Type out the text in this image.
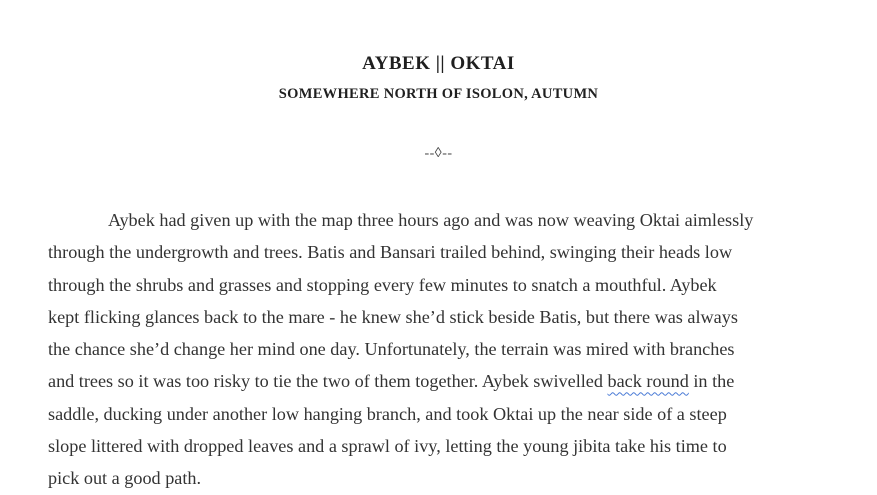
AYBEK || OKTAI
SOMEWHERE NORTH OF ISOLON, AUTUMN
--◊--
Aybek had given up with the map three hours ago and was now weaving Oktai aimlessly
through the undergrowth and trees. Batis and Bansari trailed behind, swinging their heads low
through the shrubs and grasses and stopping every few minutes to snatch a mouthful. Aybek
kept flicking glances back to the mare - he knew she’d stick beside Batis, but there was always
the chance she’d change her mind one day. Unfortunately, the terrain was mired with branches
and trees so it was too risky to tie the two of them together. Aybek swivelled back round in the
saddle, ducking under another low hanging branch, and took Oktai up the near side of a steep
slope littered with dropped leaves and a sprawl of ivy, letting the young jibita take his time to
pick out a good path.
